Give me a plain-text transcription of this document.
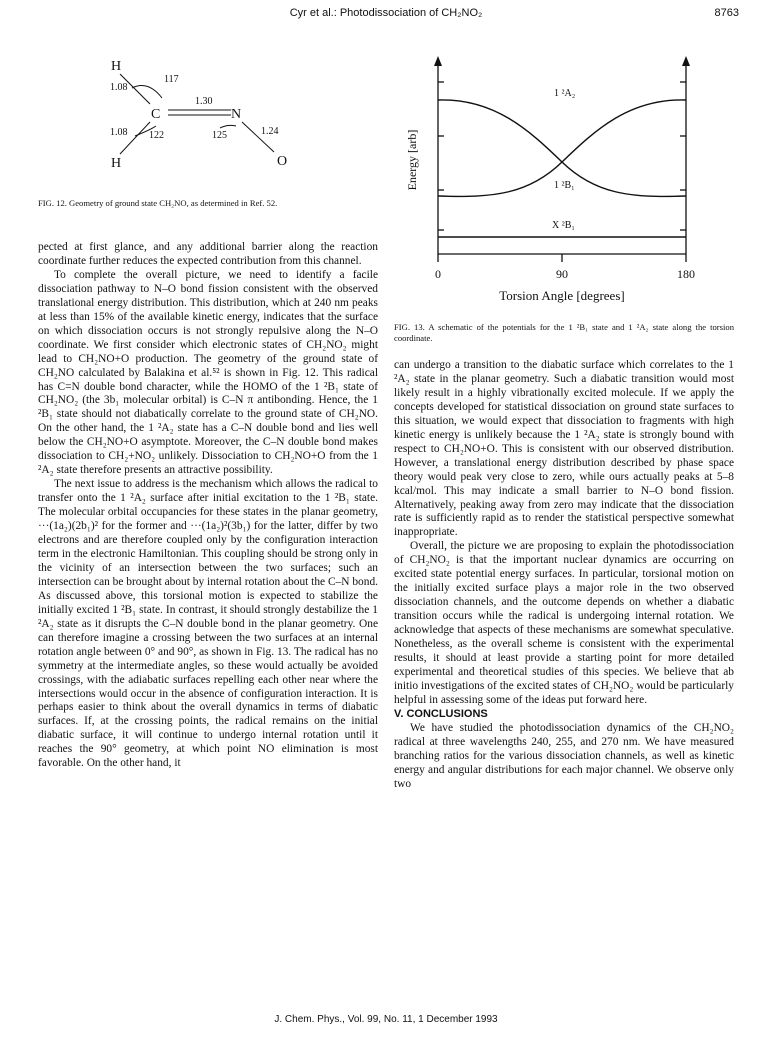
Cyr et al.: Photodissociation of CH₂NO₂	8763
H
C	N
H	O
1.08
1.30
1.08	1.24
117
122	125
FIG. 12. Geometry of ground state CH₂NO, as determined in Ref. 52.
Energy [arb]
1 ²A₂
1 ²B₁
X ²B₁
0	90	180
Torsion Angle [degrees]
FIG. 13. A schematic of the potentials for the 1 ²B₁ state and 1 ²A₂ state along the torsion coordinate.

pected at first glance, and any additional barrier along the reaction coordinate further reduces the expected contribution from this channel.

To complete the overall picture, we need to identify a facile dissociation pathway to N–O bond fission consistent with the observed translational energy distribution. This distribution, which at 240 nm peaks at less than 15% of the available kinetic energy, indicates that the surface on which dissociation occurs is not strongly repulsive along the N–O coordinate. We first consider which electronic states of CH₂NO₂ might lead to CH₂NO+O production. The geometry of the ground state of CH₂NO calculated by Balakina et al.⁵² is shown in Fig. 12. This radical has C=N double bond character, while the HOMO of the 1 ²B₁ state of CH₂NO₂ (the 3b₁ molecular orbital) is C–N π antibonding. Hence, the 1 ²B₁ state should not diabatically correlate to the ground state of CH₂NO. On the other hand, the 1 ²A₂ state has a C–N double bond and lies well below the CH₂NO+O asymptote. Moreover, the C–N double bond makes dissociation to CH₂+NO₂ unlikely. Dissociation to CH₂NO+O from the 1 ²A₂ state therefore presents an attractive possibility.

The next issue to address is the mechanism which allows the radical to transfer onto the 1 ²A₂ surface after initial excitation to the 1 ²B₁ state. The molecular orbital occupancies for these states in the planar geometry, ···(1a₂)(2b₁)² for the former and ···(1a₂)²(3b₁) for the latter, differ by two electrons and are therefore coupled only by the configuration interaction term in the electronic Hamiltonian. This coupling should be strong only in the vicinity of an intersection between the two surfaces; such an intersection can be brought about by internal rotation about the C–N bond. As discussed above, this torsional motion is expected to stabilize the initially excited 1 ²B₁ state. In contrast, it should strongly destabilize the 1 ²A₂ state as it disrupts the C–N double bond in the planar geometry. One can therefore imagine a crossing between the two surfaces at an internal rotation angle between 0° and 90°, as shown in Fig. 13. The radical has no symmetry at the intermediate angles, so these would actually be avoided crossings, with the adiabatic surfaces repelling each other near where the intersections would occur in the absence of configuration interaction. It is perhaps easier to think about the overall dynamics in terms of diabatic surfaces. If, at the crossing points, the radical remains on the initial diabatic surface, it will continue to undergo internal rotation until it reaches the 90° geometry, at which point NO elimination is most favorable. On the other hand, it

can undergo a transition to the diabatic surface which correlates to the 1 ²A₂ state in the planar geometry. Such a diabatic transition would most likely result in a highly vibrationally excited molecule. If we apply the concepts developed for statistical dissociation on ground state surfaces to this situation, we would expect that dissociation to fragments with high kinetic energy is unlikely because the 1 ²A₂ state is strongly bound with respect to CH₂NO+O. This is consistent with our observed distribution. However, a translational energy distribution described by phase space theory would peak very close to zero, while ours actually peaks at 5–8 kcal/mol. This may indicate a small barrier to N–O bond fission. Alternatively, peaking away from zero may indicate that the dissociation rate is sufficiently rapid as to render the statistical perspective somewhat inappropriate.

Overall, the picture we are proposing to explain the photodissociation of CH₂NO₂ is that the important nuclear dynamics are occurring on excited state potential energy surfaces. In particular, torsional motion on the initially excited surface plays a major role in the two observed dissociation channels, and the outcome depends on whether a diabatic transition occurs while the radical is undergoing internal rotation. We acknowledge that aspects of these mechanisms are somewhat speculative. Nonetheless, as the overall scheme is consistent with the experimental results, it should at least provide a starting point for more detailed experimental and theoretical studies of this species. We believe that ab initio investigations of the excited states of CH₂NO₂ would be particularly helpful in assessing some of the ideas put forward here.

V. CONCLUSIONS

We have studied the photodissociation dynamics of the CH₂NO₂ radical at three wavelengths 240, 255, and 270 nm. We have measured branching ratios for the various dissociation channels, as well as kinetic energy and angular distributions for each major channel. We observe only two

J. Chem. Phys., Vol. 99, No. 11, 1 December 1993
